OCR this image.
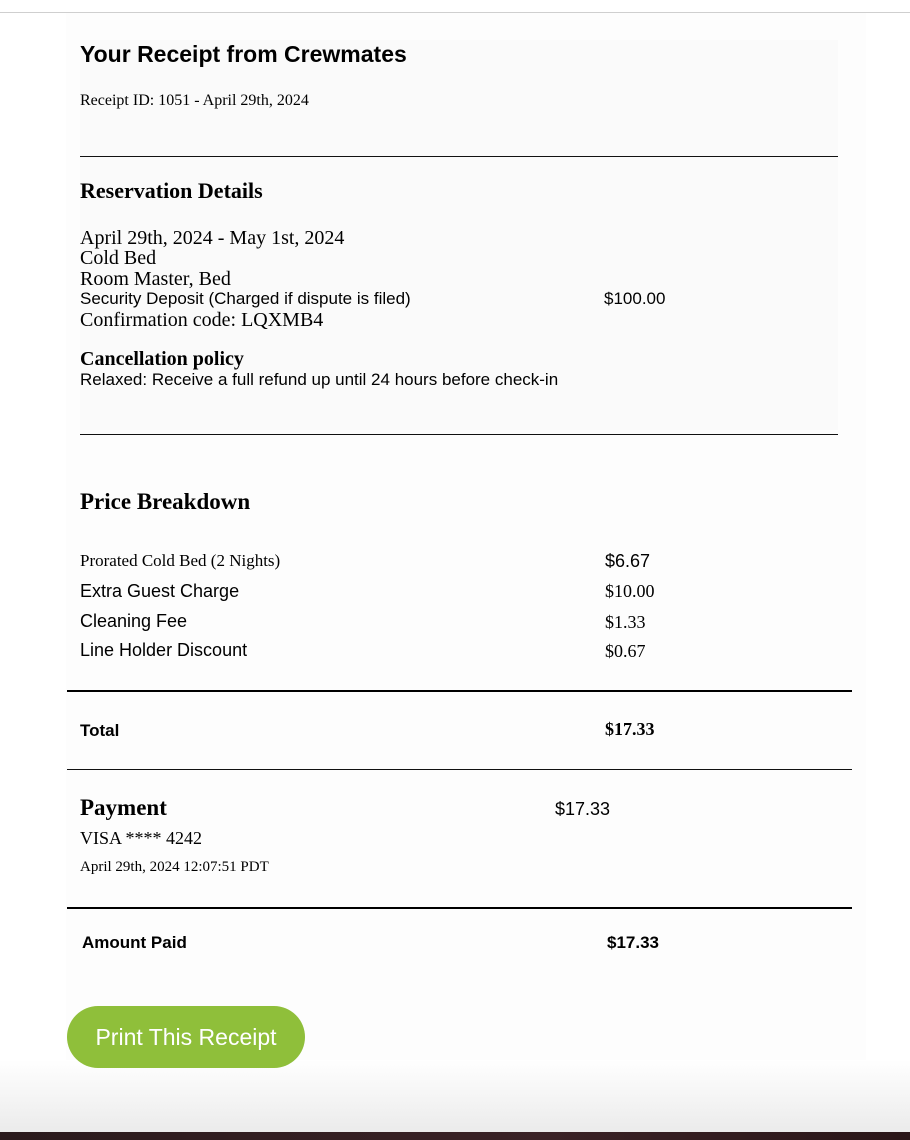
Your Receipt from Crewmates
Receipt ID: 1051 - April 29th, 2024
Reservation Details
April 29th, 2024 - May 1st, 2024
Cold Bed
Room Master, Bed
Security Deposit (Charged if dispute is filed)	$100.00
Confirmation code: LQXMB4
Cancellation policy
Relaxed: Receive a full refund up until 24 hours before check-in
Price Breakdown
Prorated Cold Bed (2 Nights)	$6.67
Extra Guest Charge	$10.00
Cleaning Fee	$1.33
Line Holder Discount	$0.67
Total	$17.33
Payment	$17.33
VISA **** 4242
April 29th, 2024 12:07:51 PDT
Amount Paid	$17.33
Print This Receipt
